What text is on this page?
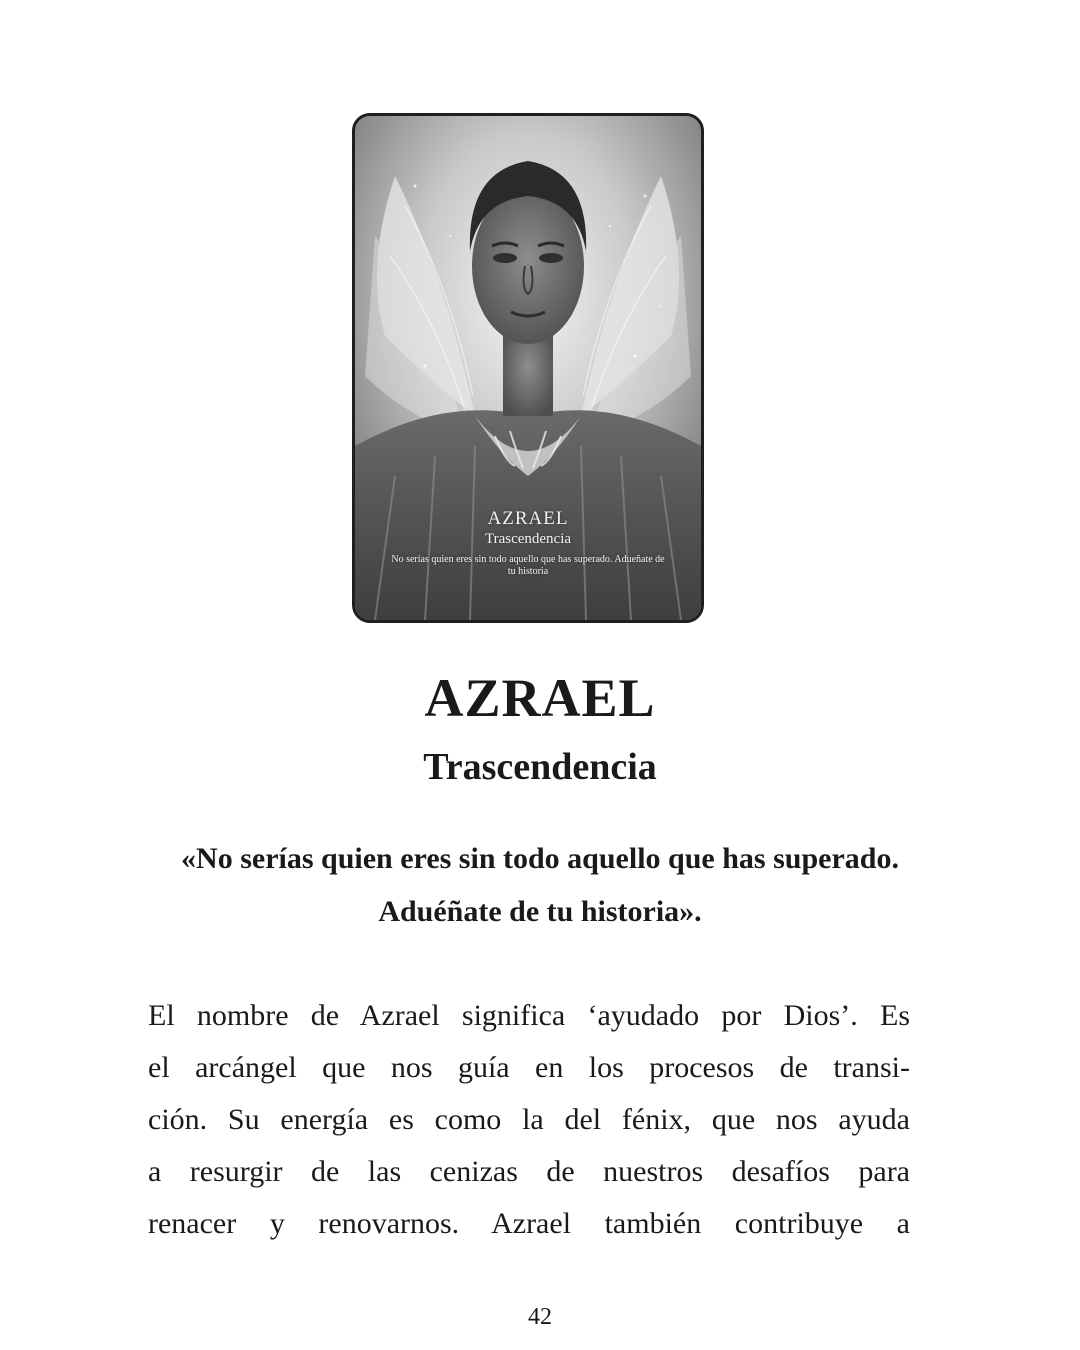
AZRAEL
Trascendencia
No serías quien eres sin todo aquello que has superado. Adueñate de tu historia
AZRAEL
Trascendencia
«No serías quien eres sin todo aquello que has superado. Aduéñate de tu historia».
El nombre de Azrael significa ‘ayudado por Dios’. Es
el arcángel que nos guía en los procesos de transi-
ción. Su energía es como la del fénix, que nos ayuda
a resurgir de las cenizas de nuestros desafíos para
renacer y renovarnos. Azrael también contribuye a
42
